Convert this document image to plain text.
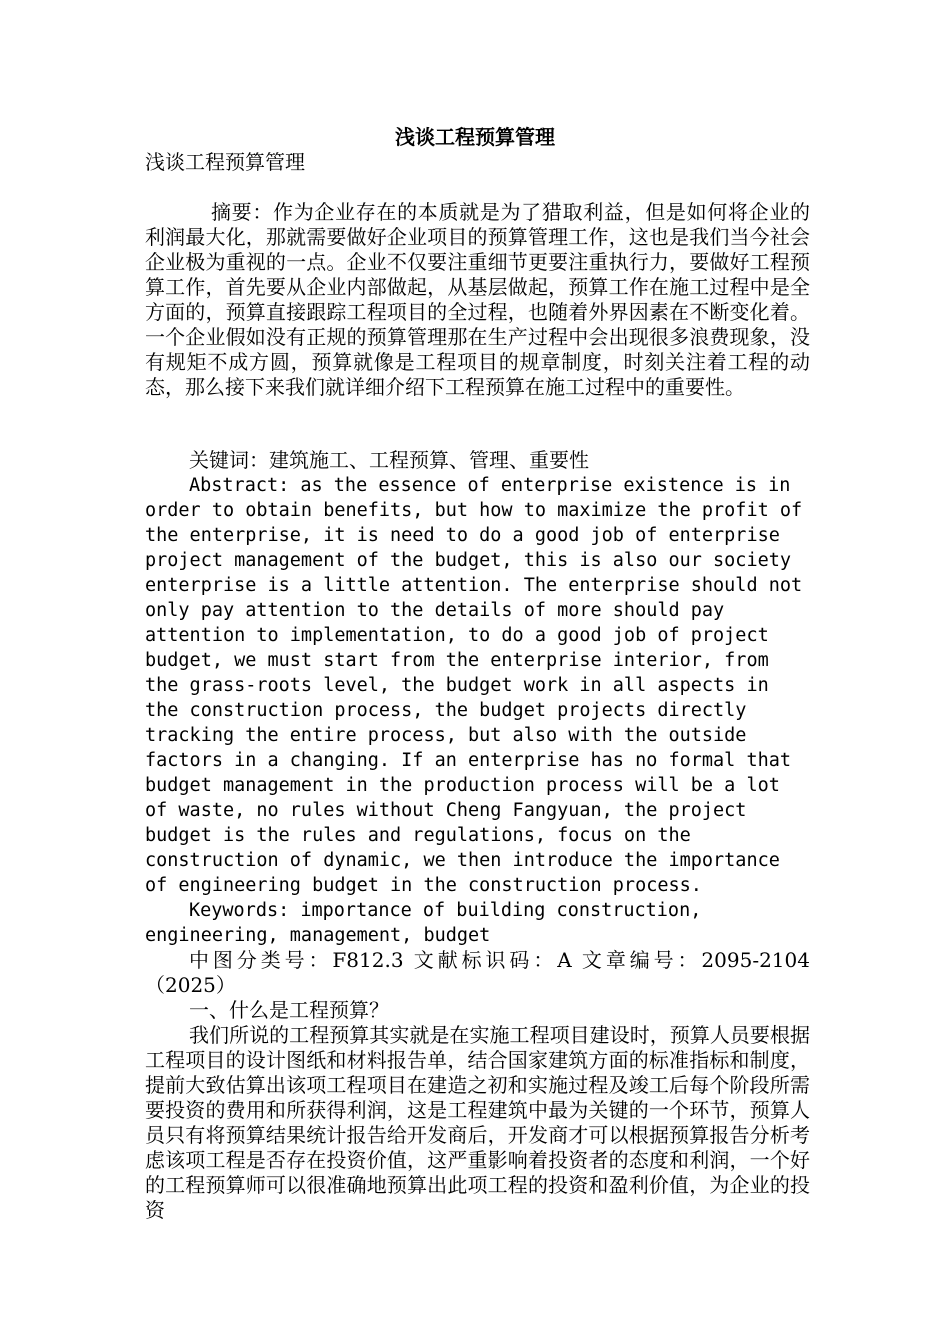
浅谈工程预算管理

浅谈工程预算管理

摘要：作为企业存在的本质就是为了猎取利益，但是如何将企业的利润最大化，那就需要做好企业项目的预算管理工作，这也是我们当今社会企业极为重视的一点。企业不仅要注重细节更要注重执行力，要做好工程预算工作，首先要从企业内部做起，从基层做起，预算工作在施工过程中是全方面的，预算直接跟踪工程项目的全过程，也随着外界因素在不断变化着。一个企业假如没有正规的预算管理那在生产过程中会出现很多浪费现象，没有规矩不成方圆，预算就像是工程项目的规章制度，时刻关注着工程的动态，那么接下来我们就详细介绍下工程预算在施工过程中的重要性。

关键词：建筑施工、工程预算、管理、重要性

Abstract: as the essence of enterprise existence is in order to obtain benefits, but how to maximize the profit of the enterprise, it is need to do a good job of enterprise project management of the budget, this is also our society enterprise is a little attention. The enterprise should not only pay attention to the details of more should pay attention to implementation, to do a good job of project budget, we must start from the enterprise interior, from the grass-roots level, the budget work in all aspects in the construction process, the budget projects directly tracking the entire process, but also with the outside factors in a changing. If an enterprise has no formal that budget management in the production process will be a lot of waste, no rules without Cheng Fangyuan, the project budget is the rules and regulations, focus on the construction of dynamic, we then introduce the importance of engineering budget in the construction process.

Keywords: importance of building construction, engineering, management, budget

中图分类号：F812.3 文献标识码：A 文章编号：2095-2104（2025）

一、什么是工程预算？

我们所说的工程预算其实就是在实施工程项目建设时，预算人员要根据工程项目的设计图纸和材料报告单，结合国家建筑方面的标准指标和制度，提前大致估算出该项工程项目在建造之初和实施过程及竣工后每个阶段所需要投资的费用和所获得利润，这是工程建筑中最为关键的一个环节，预算人员只有将预算结果统计报告给开发商后，开发商才可以根据预算报告分析考虑该项工程是否存在投资价值，这严重影响着投资者的态度和利润，一个好的工程预算师可以很准确地预算出此项工程的投资和盈利价值，为企业的投资
